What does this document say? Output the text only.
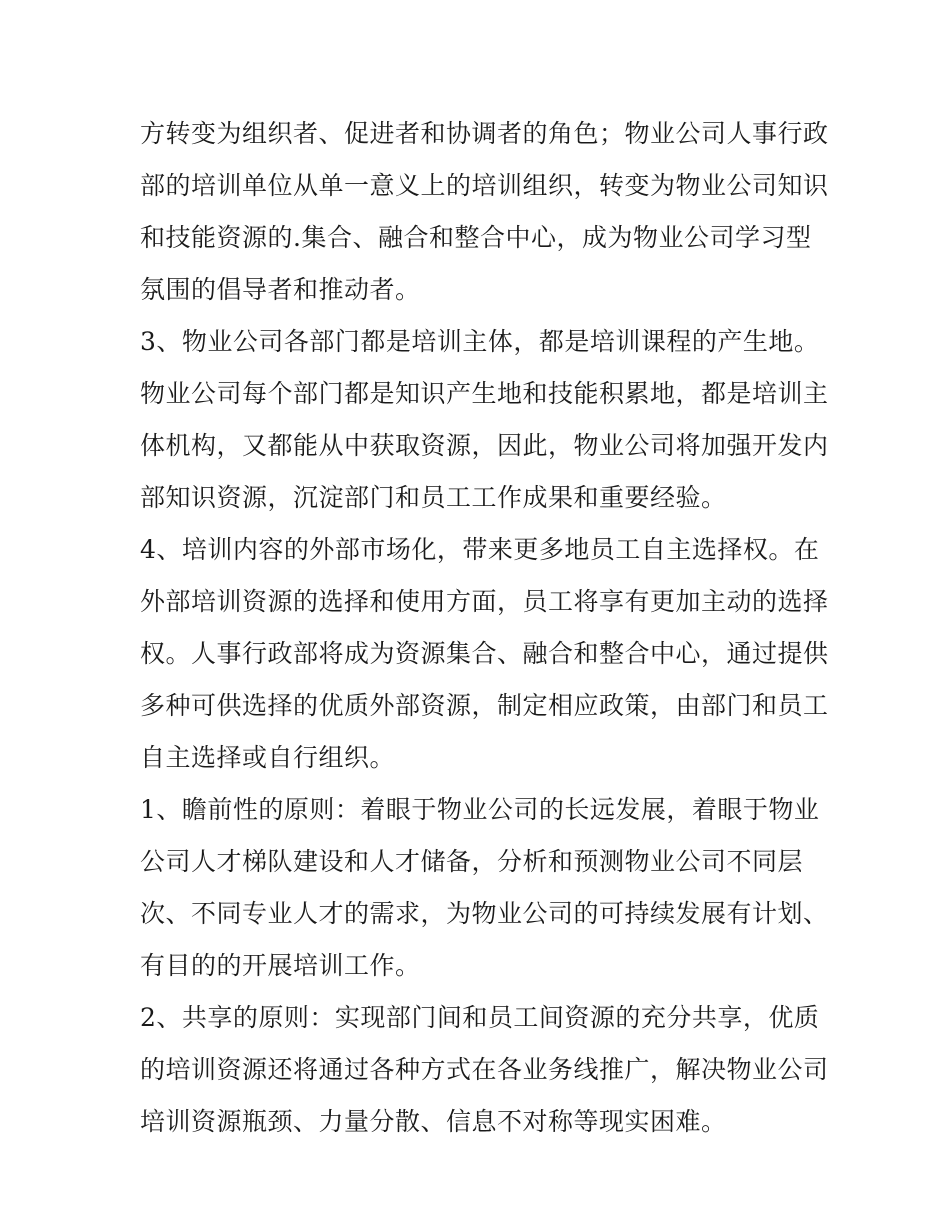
方转变为组织者、促进者和协调者的角色；物业公司人事行政
部的培训单位从单一意义上的培训组织，转变为物业公司知识
和技能资源的.集合、融合和整合中心，成为物业公司学习型
氛围的倡导者和推动者。
3、物业公司各部门都是培训主体，都是培训课程的产生地。
物业公司每个部门都是知识产生地和技能积累地，都是培训主
体机构，又都能从中获取资源，因此，物业公司将加强开发内
部知识资源，沉淀部门和员工工作成果和重要经验。
4、培训内容的外部市场化，带来更多地员工自主选择权。在
外部培训资源的选择和使用方面，员工将享有更加主动的选择
权。人事行政部将成为资源集合、融合和整合中心，通过提供
多种可供选择的优质外部资源，制定相应政策，由部门和员工
自主选择或自行组织。
1、瞻前性的原则：着眼于物业公司的长远发展，着眼于物业
公司人才梯队建设和人才储备，分析和预测物业公司不同层
次、不同专业人才的需求，为物业公司的可持续发展有计划、
有目的的开展培训工作。
2、共享的原则：实现部门间和员工间资源的充分共享，优质
的培训资源还将通过各种方式在各业务线推广，解决物业公司
培训资源瓶颈、力量分散、信息不对称等现实困难。
